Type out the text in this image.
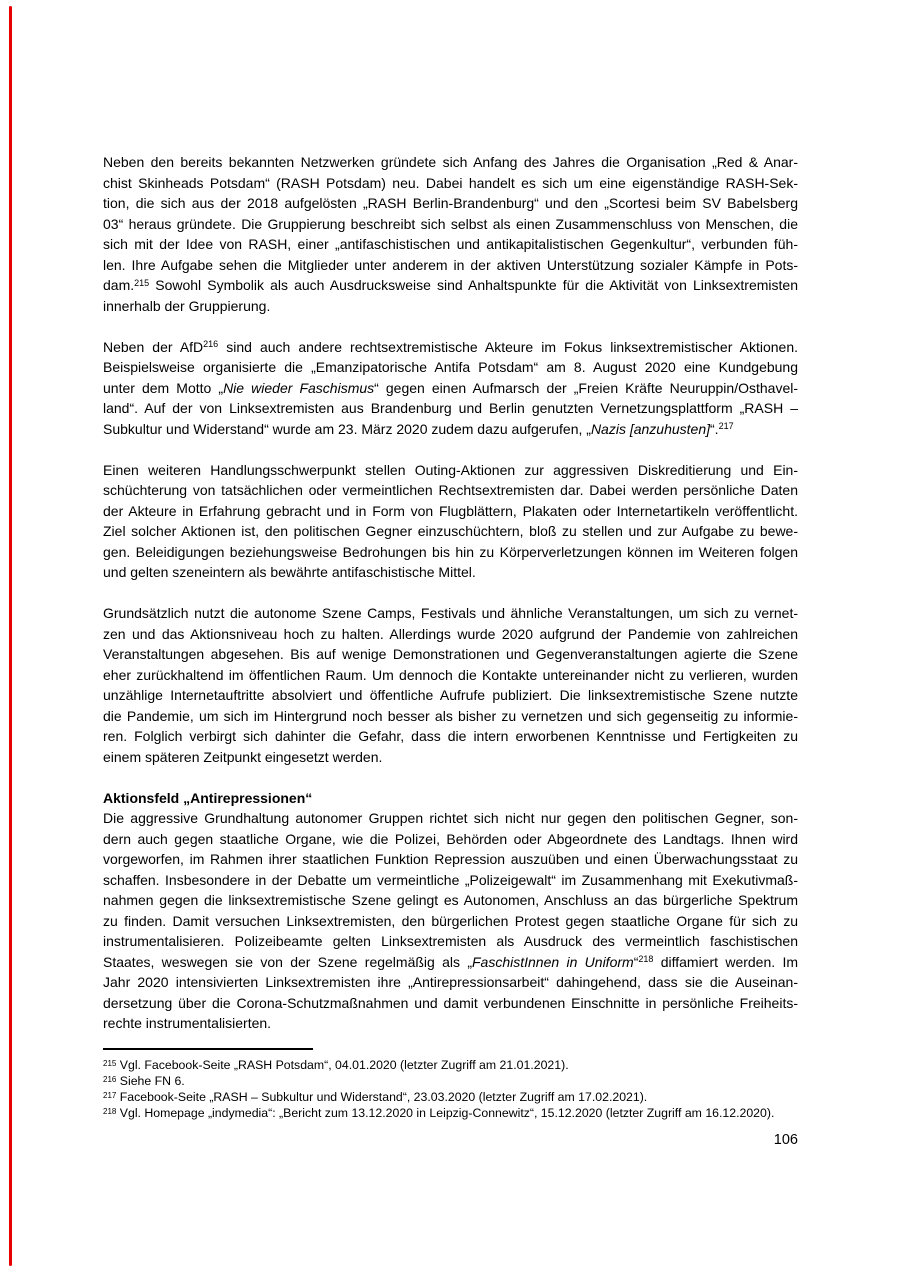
Neben den bereits bekannten Netzwerken gründete sich Anfang des Jahres die Organisation „Red & Anar-
chist Skinheads Potsdam“ (RASH Potsdam) neu. Dabei handelt es sich um eine eigenständige RASH-Sek-
tion, die sich aus der 2018 aufgelösten „RASH Berlin-Brandenburg“ und den „Scortesi beim SV Babelsberg
03“ heraus gründete. Die Gruppierung beschreibt sich selbst als einen Zusammenschluss von Menschen, die
sich mit der Idee von RASH, einer „antifaschistischen und antikapitalistischen Gegenkultur“, verbunden füh-
len. Ihre Aufgabe sehen die Mitglieder unter anderem in der aktiven Unterstützung sozialer Kämpfe in Pots-
dam.$^{215}$ Sowohl Symbolik als auch Ausdrucksweise sind Anhaltspunkte für die Aktivität von Linksextremisten
innerhalb der Gruppierung.
Neben der AfD$^{216}$ sind auch andere rechtsextremistische Akteure im Fokus linksextremistischer Aktionen.
Beispielsweise organisierte die „Emanzipatorische Antifa Potsdam“ am 8. August 2020 eine Kundgebung
unter dem Motto „Nie wieder Faschismus“ gegen einen Aufmarsch der „Freien Kräfte Neuruppin/Osthavel-
land“. Auf der von Linksextremisten aus Brandenburg und Berlin genutzten Vernetzungsplattform „RASH –
Subkultur und Widerstand“ wurde am 23. März 2020 zudem dazu aufgerufen, „Nazis [anzuhusten]“.$^{217}$
Einen weiteren Handlungsschwerpunkt stellen Outing-Aktionen zur aggressiven Diskreditierung und Ein-
schüchterung von tatsächlichen oder vermeintlichen Rechtsextremisten dar. Dabei werden persönliche Daten
der Akteure in Erfahrung gebracht und in Form von Flugblättern, Plakaten oder Internetartikeln veröffentlicht.
Ziel solcher Aktionen ist, den politischen Gegner einzuschüchtern, bloß zu stellen und zur Aufgabe zu bewe-
gen. Beleidigungen beziehungsweise Bedrohungen bis hin zu Körperverletzungen können im Weiteren folgen
und gelten szeneintern als bewährte antifaschistische Mittel.
Grundsätzlich nutzt die autonome Szene Camps, Festivals und ähnliche Veranstaltungen, um sich zu vernet-
zen und das Aktionsniveau hoch zu halten. Allerdings wurde 2020 aufgrund der Pandemie von zahlreichen
Veranstaltungen abgesehen. Bis auf wenige Demonstrationen und Gegenveranstaltungen agierte die Szene
eher zurückhaltend im öffentlichen Raum. Um dennoch die Kontakte untereinander nicht zu verlieren, wurden
unzählige Internetauftritte absolviert und öffentliche Aufrufe publiziert. Die linksextremistische Szene nutzte
die Pandemie, um sich im Hintergrund noch besser als bisher zu vernetzen und sich gegenseitig zu informie-
ren. Folglich verbirgt sich dahinter die Gefahr, dass die intern erworbenen Kenntnisse und Fertigkeiten zu
einem späteren Zeitpunkt eingesetzt werden.
Aktionsfeld „Antirepressionen“
Die aggressive Grundhaltung autonomer Gruppen richtet sich nicht nur gegen den politischen Gegner, son-
dern auch gegen staatliche Organe, wie die Polizei, Behörden oder Abgeordnete des Landtags. Ihnen wird
vorgeworfen, im Rahmen ihrer staatlichen Funktion Repression auszuüben und einen Überwachungsstaat zu
schaffen. Insbesondere in der Debatte um vermeintliche „Polizeigewalt“ im Zusammenhang mit Exekutivmaß-
nahmen gegen die linksextremistische Szene gelingt es Autonomen, Anschluss an das bürgerliche Spektrum
zu finden. Damit versuchen Linksextremisten, den bürgerlichen Protest gegen staatliche Organe für sich zu
instrumentalisieren. Polizeibeamte gelten Linksextremisten als Ausdruck des vermeintlich faschistischen
Staates, weswegen sie von der Szene regelmäßig als „FaschistInnen in Uniform“$^{218}$ diffamiert werden. Im
Jahr 2020 intensivierten Linksextremisten ihre „Antirepressionsarbeit“ dahingehend, dass sie die Auseinan-
dersetzung über die Corona-Schutzmaßnahmen und damit verbundenen Einschnitte in persönliche Freiheits-
rechte instrumentalisierten.
$^{215}$ Vgl. Facebook-Seite „RASH Potsdam“, 04.01.2020 (letzter Zugriff am 21.01.2021).
$^{216}$ Siehe FN 6.
$^{217}$ Facebook-Seite „RASH – Subkultur und Widerstand“, 23.03.2020 (letzter Zugriff am 17.02.2021).
$^{218}$ Vgl. Homepage „indymedia“: „Bericht zum 13.12.2020 in Leipzig-Connewitz“, 15.12.2020 (letzter Zugriff am 16.12.2020).
106
